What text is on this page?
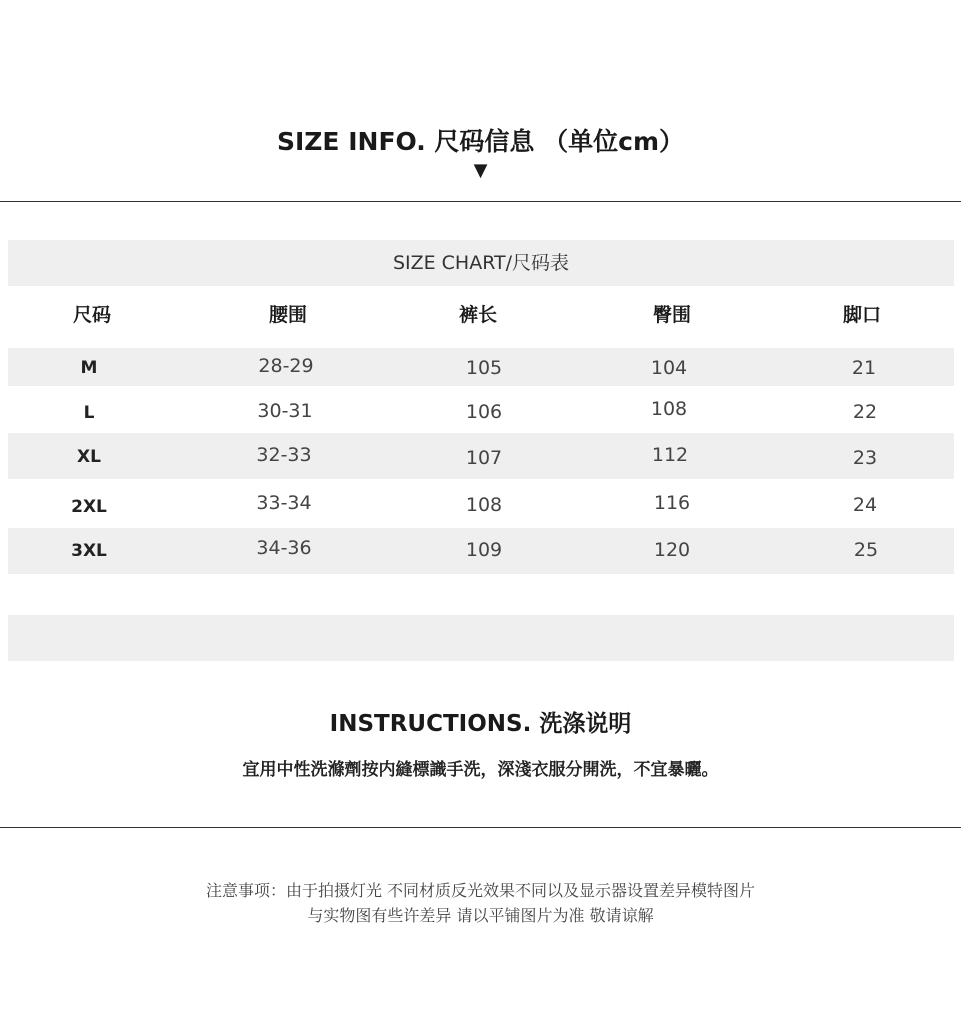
SIZE INFO. 尺码信息 （单位cm）
▼
SIZE CHART/尺码表
尺码	腰围	裤长	臀围	脚口
M	28-29	105	104	21
L	30-31	106	108	22
XL	32-33	107	112	23
2XL	33-34	108	116	24
3XL	34-36	109	120	25
INSTRUCTIONS. 洗涤说明
宜用中性洗滌劑按内縫標識手洗，深淺衣服分開洗，不宜暴曬。
注意事项：由于拍摄灯光 不同材质反光效果不同以及显示器设置差异模特图片
与实物图有些许差异 请以平铺图片为准 敬请谅解
